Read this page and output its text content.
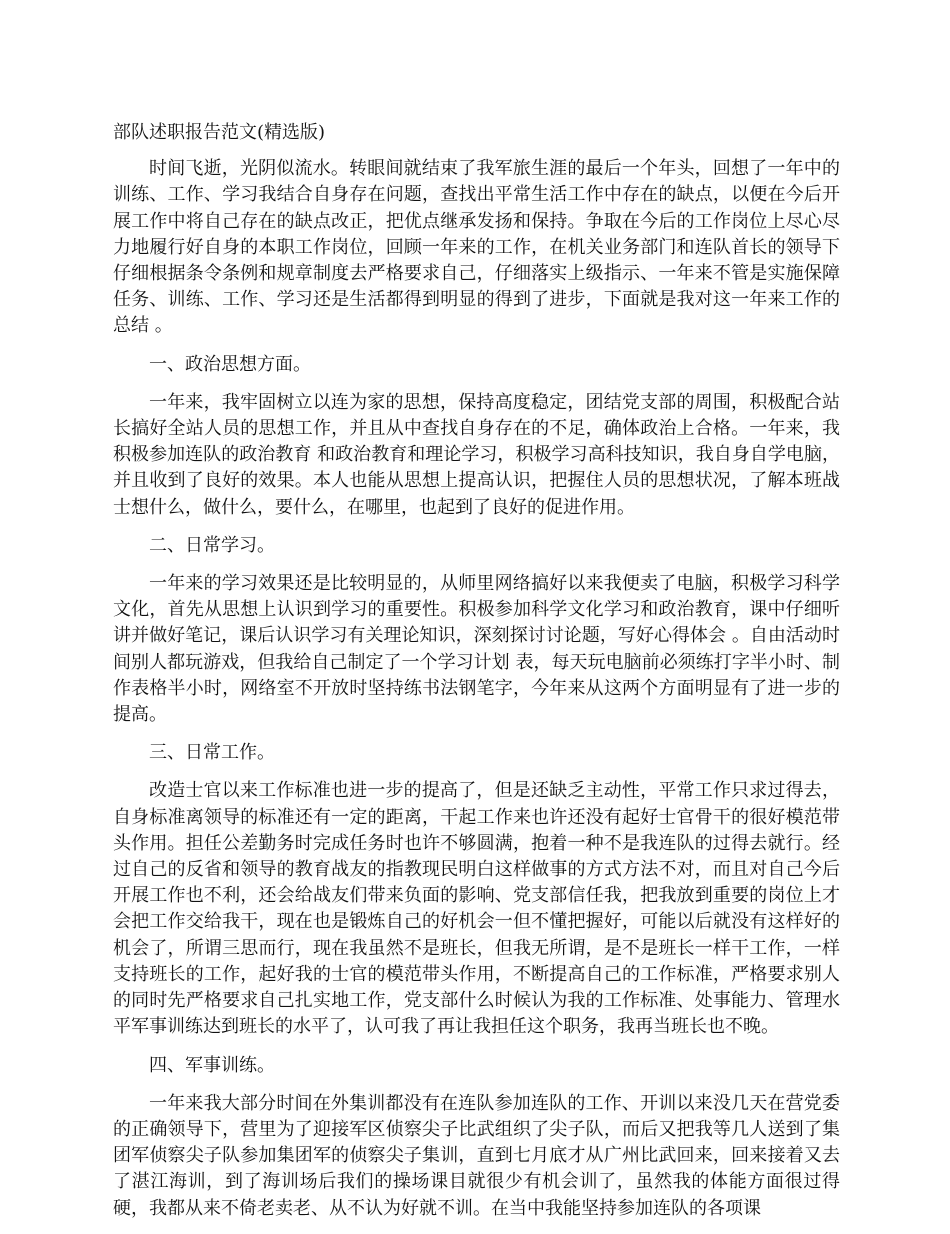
部队述职报告范文(精选版)

时间飞逝，光阴似流水。转眼间就结束了我军旅生涯的最后一个年头，回想了一年中的训练、工作、学习我结合自身存在问题，查找出平常生活工作中存在的缺点，以便在今后开展工作中将自己存在的缺点改正，把优点继承发扬和保持。争取在今后的工作岗位上尽心尽力地履行好自身的本职工作岗位，回顾一年来的工作，在机关业务部门和连队首长的领导下仔细根据条令条例和规章制度去严格要求自己，仔细落实上级指示、一年来不管是实施保障任务、训练、工作、学习还是生活都得到明显的得到了进步，下面就是我对这一年来工作的总结 。

一、政治思想方面。

一年来，我牢固树立以连为家的思想，保持高度稳定，团结党支部的周围，积极配合站长搞好全站人员的思想工作，并且从中查找自身存在的不足，确体政治上合格。一年来，我积极参加连队的政治教育 和政治教育和理论学习，积极学习高科技知识，我自身自学电脑，并且收到了良好的效果。本人也能从思想上提高认识，把握住人员的思想状况，了解本班战士想什么，做什么，要什么，在哪里，也起到了良好的促进作用。

二、日常学习。

一年来的学习效果还是比较明显的，从师里网络搞好以来我便卖了电脑，积极学习科学文化，首先从思想上认识到学习的重要性。积极参加科学文化学习和政治教育，课中仔细听讲并做好笔记，课后认识学习有关理论知识，深刻探讨讨论题，写好心得体会 。自由活动时间别人都玩游戏，但我给自己制定了一个学习计划 表，每天玩电脑前必须练打字半小时、制作表格半小时，网络室不开放时坚持练书法钢笔字，今年来从这两个方面明显有了进一步的提高。

三、日常工作。

改造士官以来工作标准也进一步的提高了，但是还缺乏主动性，平常工作只求过得去，自身标准离领导的标准还有一定的距离，干起工作来也许还没有起好士官骨干的很好模范带头作用。担任公差勤务时完成任务时也许不够圆满，抱着一种不是我连队的过得去就行。经过自己的反省和领导的教育战友的指教现民明白这样做事的方式方法不对，而且对自己今后开展工作也不利，还会给战友们带来负面的影响、党支部信任我，把我放到重要的岗位上才会把工作交给我干，现在也是锻炼自己的好机会一但不懂把握好，可能以后就没有这样好的机会了，所谓三思而行，现在我虽然不是班长，但我无所谓，是不是班长一样干工作，一样支持班长的工作，起好我的士官的模范带头作用，不断提高自己的工作标准，严格要求别人的同时先严格要求自己扎实地工作，党支部什么时候认为我的工作标准、处事能力、管理水平军事训练达到班长的水平了，认可我了再让我担任这个职务，我再当班长也不晚。

四、军事训练。

一年来我大部分时间在外集训都没有在连队参加连队的工作、开训以来没几天在营党委的正确领导下，营里为了迎接军区侦察尖子比武组织了尖子队，而后又把我等几人送到了集团军侦察尖子队参加集团军的侦察尖子集训，直到七月底才从广州比武回来，回来接着又去了湛江海训，到了海训场后我们的操场课目就很少有机会训了，虽然我的体能方面很过得硬，我都从来不倚老卖老、从不认为好就不训。在当中我能坚持参加连队的各项课
